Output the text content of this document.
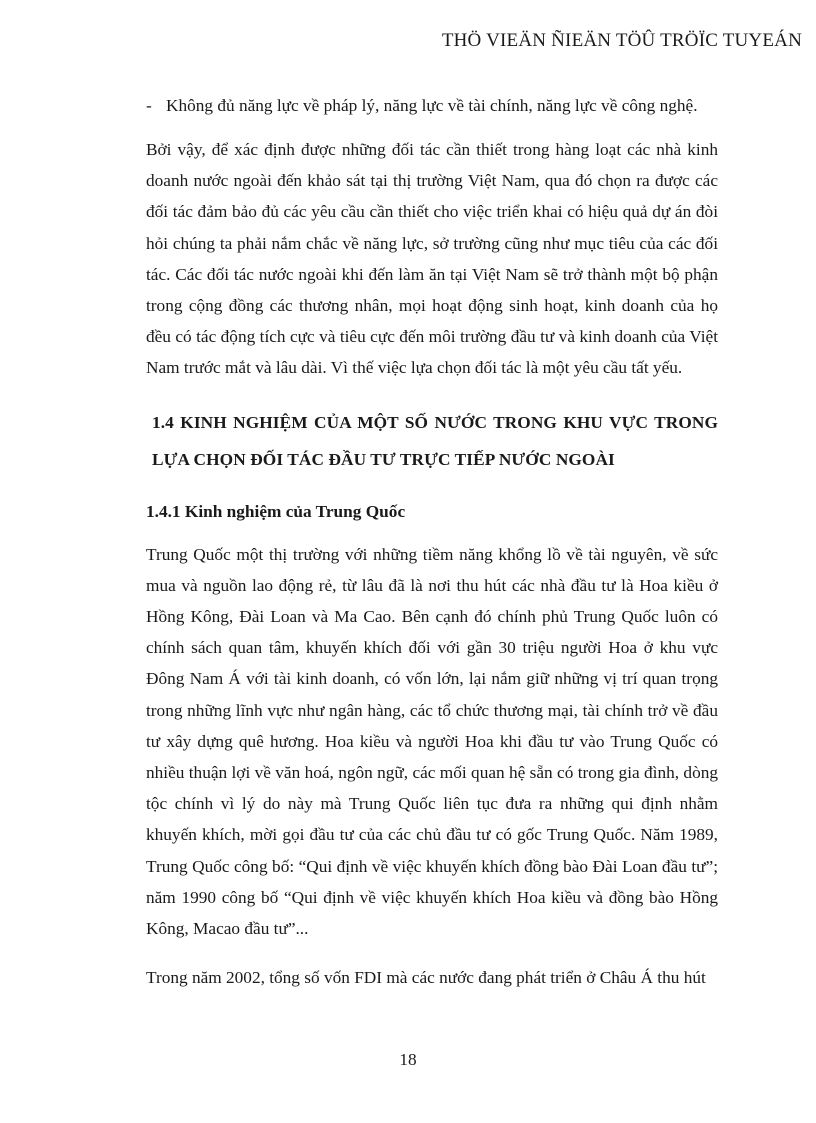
THÖ VIEÄN ÑIEÄN TÖÛ TRÖÏC TUYEÁN

- Không đủ năng lực về pháp lý, năng lực về tài chính, năng lực về công nghệ.

Bởi vậy, để xác định được những đối tác cần thiết trong hàng loạt các nhà kinh doanh nước ngoài đến khảo sát tại thị trường Việt Nam, qua đó chọn ra được các đối tác đảm bảo đủ các yêu cầu cần thiết cho việc triển khai có hiệu quả dự án đòi hỏi chúng ta phải nắm chắc về năng lực, sở trường cũng như mục tiêu của các đối tác. Các đối tác nước ngoài khi đến làm ăn tại Việt Nam sẽ trở thành một bộ phận trong cộng đồng các thương nhân, mọi hoạt động sinh hoạt, kinh doanh của họ đều có tác động tích cực và tiêu cực đến môi trường đầu tư và kinh doanh của Việt Nam trước mắt và lâu dài. Vì thế việc lựa chọn đối tác là một yêu cầu tất yếu.

1.4 KINH NGHIỆM CỦA MỘT SỐ NƯỚC TRONG KHU VỰC TRONG LỰA CHỌN ĐỐI TÁC ĐẦU TƯ TRỰC TIẾP NƯỚC NGOÀI
1.4.1 Kinh nghiệm của Trung Quốc

Trung Quốc một thị trường với những tiềm năng khổng lồ về tài nguyên, về sức mua và nguồn lao động rẻ, từ lâu đã là nơi thu hút các nhà đầu tư là Hoa kiều ở Hồng Kông, Đài Loan và Ma Cao. Bên cạnh đó chính phủ Trung Quốc luôn có chính sách quan tâm, khuyến khích đối với gần 30 triệu người Hoa ở khu vực Đông Nam Á với tài kinh doanh, có vốn lớn, lại nắm giữ những vị trí quan trọng trong những lĩnh vực như ngân hàng, các tổ chức thương mại, tài chính trở về đầu tư xây dựng quê hương. Hoa kiều và người Hoa khi đầu tư vào Trung Quốc có nhiều thuận lợi về văn hoá, ngôn ngữ, các mối quan hệ sẵn có trong gia đình, dòng tộc chính vì lý do này mà Trung Quốc liên tục đưa ra những qui định nhằm khuyến khích, mời gọi đầu tư của các chủ đầu tư có gốc Trung Quốc. Năm 1989, Trung Quốc công bố: “Qui định về việc khuyến khích đồng bào Đài Loan đầu tư”; năm 1990 công bố “Qui định về việc khuyến khích Hoa kiều và đồng bào Hồng Kông, Macao đầu tư”...

Trong năm 2002, tổng số vốn FDI mà các nước đang phát triển ở Châu Á thu hút

18
